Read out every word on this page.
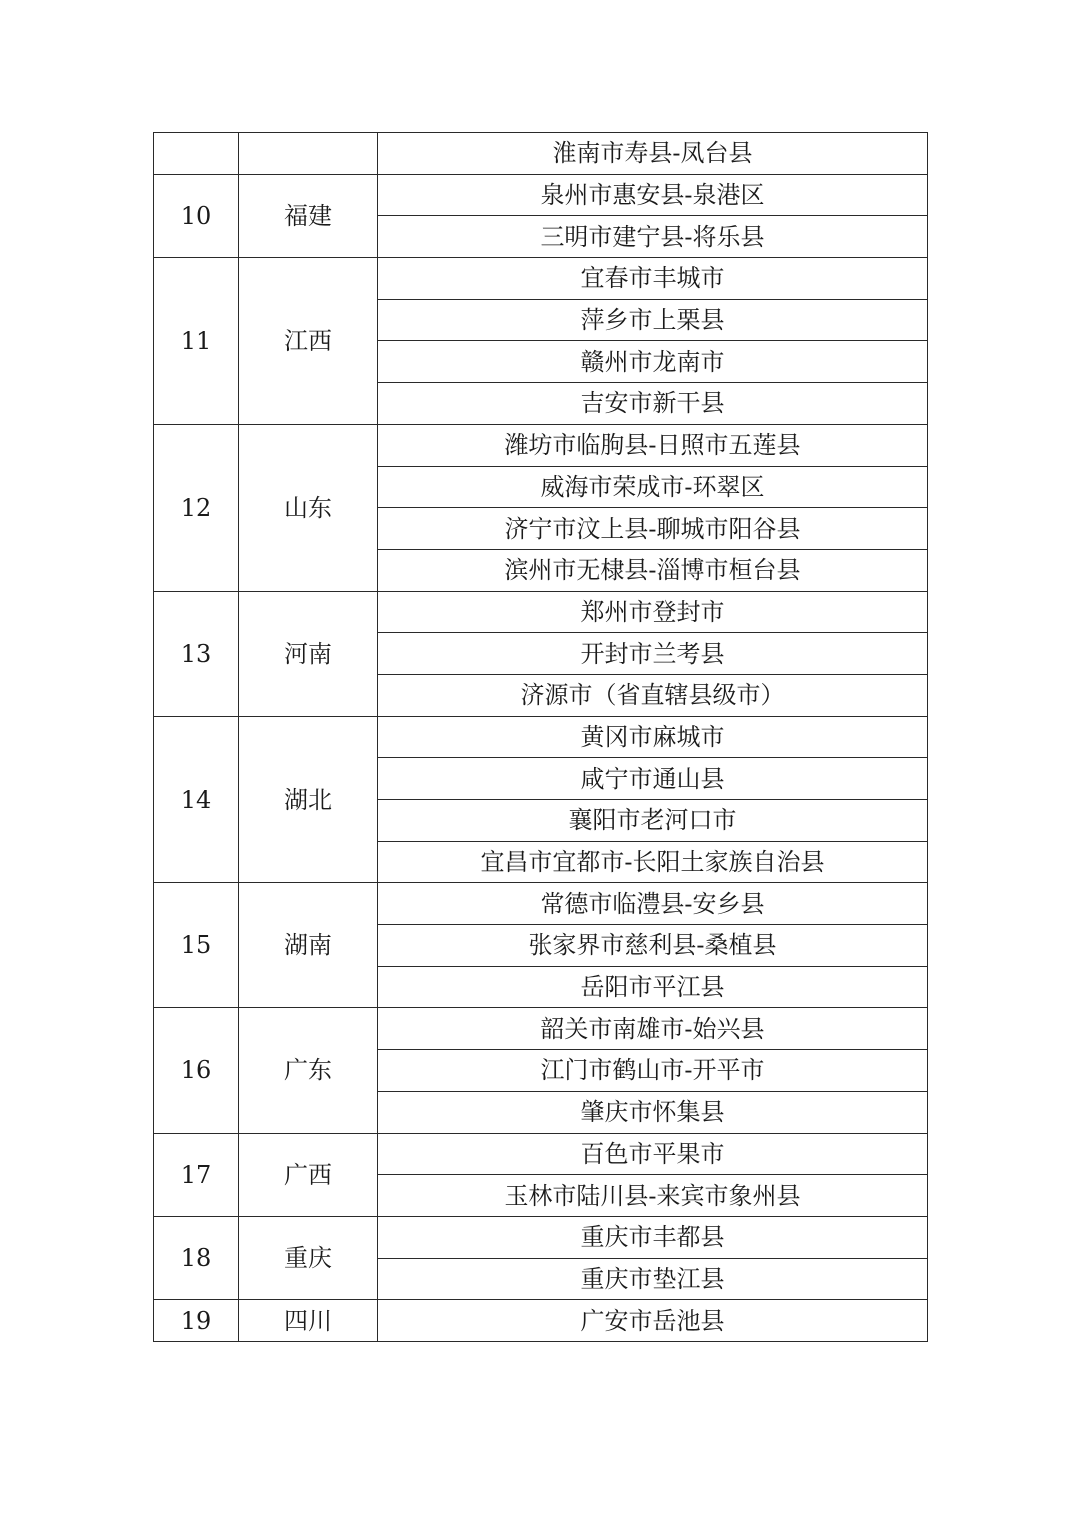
		淮南市寿县-凤台县
10	福建	泉州市惠安县-泉港区
		三明市建宁县-将乐县
11	江西	宜春市丰城市
		萍乡市上栗县
		赣州市龙南市
		吉安市新干县
12	山东	潍坊市临朐县-日照市五莲县
		威海市荣成市-环翠区
		济宁市汶上县-聊城市阳谷县
		滨州市无棣县-淄博市桓台县
13	河南	郑州市登封市
		开封市兰考县
		济源市（省直辖县级市）
14	湖北	黄冈市麻城市
		咸宁市通山县
		襄阳市老河口市
		宜昌市宜都市-长阳土家族自治县
15	湖南	常德市临澧县-安乡县
		张家界市慈利县-桑植县
		岳阳市平江县
16	广东	韶关市南雄市-始兴县
		江门市鹤山市-开平市
		肇庆市怀集县
17	广西	百色市平果市
		玉林市陆川县-来宾市象州县
18	重庆	重庆市丰都县
		重庆市垫江县
19	四川	广安市岳池县
